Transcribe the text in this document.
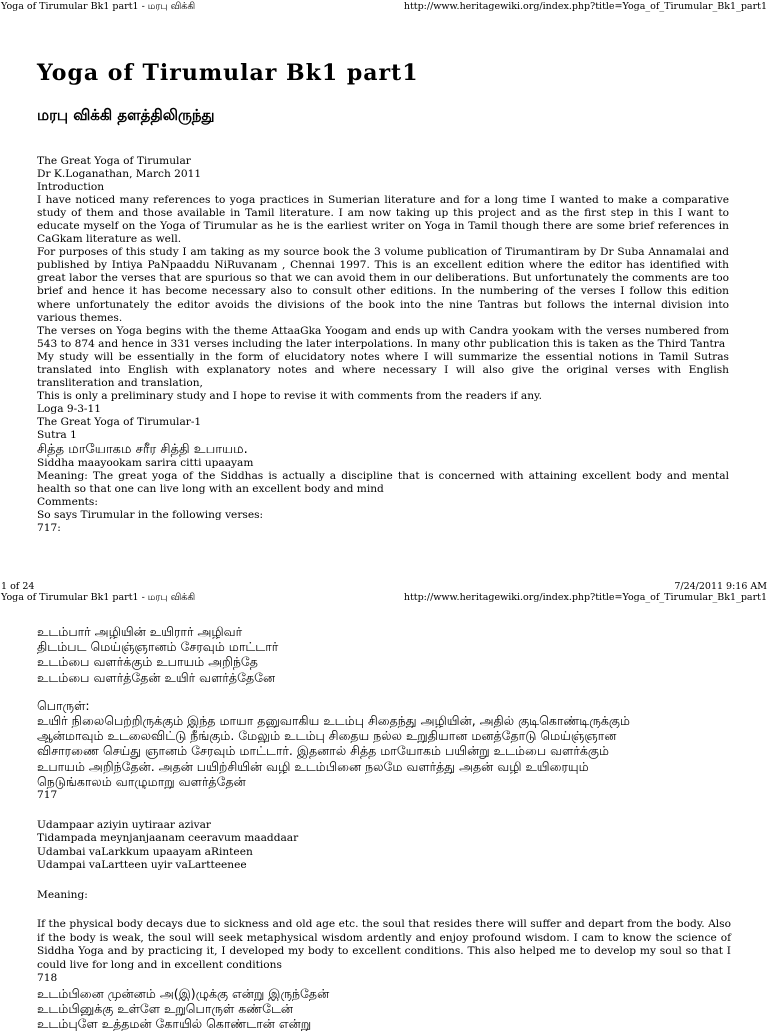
Yoga of Tirumular Bk1 part1 - மரபு விக்கி	http://www.heritagewiki.org/index.php?title=Yoga_of_Tirumular_Bk1_part1
Yoga of Tirumular Bk1 part1
மரபு விக்கி தளத்திலிருந்து

The Great Yoga of Tirumular

Dr K.Loganathan, March 2011

Introduction

I have noticed many references to yoga practices in Sumerian literature and for a long time I wanted to make a comparative study of them and those available in Tamil literature. I am now taking up this project and as the first step in this I want to educate myself on the Yoga of Tirumular as he is the earliest writer on Yoga in Tamil though there are some brief references in CaGkam literature as well.

For purposes of this study I am taking as my source book the 3 volume publication of Tirumantiram by Dr Suba Annamalai and published by Intiya PaNpaaddu NiRuvanam , Chennai 1997. This is an excellent edition where the editor has identified with great labor the verses that are spurious so that we can avoid them in our deliberations. But unfortunately the comments are too brief and hence it has become necessary also to consult other editions. In the numbering of the verses I follow this edition where unfortunately the editor avoids the divisions of the book into the nine Tantras but follows the internal division into various themes.

The verses on Yoga begins with the theme AttaaGka Yoogam and ends up with Candra yookam with the verses numbered from 543 to 874 and hence in 331 verses including the later interpolations. In many othr publication this is taken as the Third Tantra

My study will be essentially in the form of elucidatory notes where I will summarize the essential notions in Tamil Sutras translated into English with explanatory notes and where necessary I will also give the original verses with English transliteration and translation,

This is only a preliminary study and I hope to revise it with comments from the readers if any.

Loga 9-3-11

The Great Yoga of Tirumular-1

Sutra 1

சித்த மாயோகம சரீர சித்தி உபாயம.

Siddha maayookam sarira citti upaayam

Meaning: The great yoga of the Siddhas is actually a discipline that is concerned with attaining excellent body and mental health so that one can live long with an excellent body and mind

Comments:

So says Tirumular in the following verses:

717:

1 of 24	7/24/2011 9:16 AM
Yoga of Tirumular Bk1 part1 - மரபு விக்கி	http://www.heritagewiki.org/index.php?title=Yoga_of_Tirumular_Bk1_part1

உடம்பார் அழியின் உயிரார் அழிவர்

திடம்பட மெய்ஞ்ஞானம் சேரவும் மாட்டார்

உடம்பை வளர்க்கும் உபாயம் அறிந்தே

உடம்பை வளர்த்தேன் உயிர் வளர்த்தேனே

பொருள்:

உயிர் நிலைபெற்றிருக்கும் இந்த மாயா தனுவாகிய உடம்பு சிதைந்து அழியின், அதில் குடிகொண்டிருக்கும்

ஆன்மாவும் உடலைவிட்டு நீங்கும். மேலும் உடம்பு சிதைய நல்ல உறுதியான மனத்தோடு மெய்ஞ்ஞான

விசாரணை செய்து ஞானம் சேரவும் மாட்டார். இதனால் சித்த மாயோகம் பயின்று உடம்பை வளர்க்கும்

உபாயம் அறிந்தேன். அதன் பயிற்சியின் வழி உடம்பினை நலமே வளர்த்து அதன் வழி உயிரையும்

நெடுங்காலம் வாழுமாறு வளர்த்தேன்

717

Udampaar aziyin uytiraar azivar

Tidampada meynjanjaanam ceeravum maaddaar

Udambai vaLarkkum upaayam aRinteen

Udampai vaLartteen uyir vaLartteenee

Meaning:

If the physical body decays due to sickness and old age etc. the soul that resides there will suffer and depart from the body. Also if the body is weak, the soul will seek metaphysical wisdom ardently and enjoy profound wisdom. I cam to know the science of Siddha Yoga and by practicing it, I developed my body to excellent conditions. This also helped me to develop my soul so that I could live for long and in excellent conditions

718

உடம்பினை முன்னம் அ(இ)ழுக்கு என்று இருந்தேன்

உடம்பினுக்கு உள்ளே உறுபொருள் கண்டேன்

உடம்புளே உத்தமன் கோயில் கொண்டான் என்று
